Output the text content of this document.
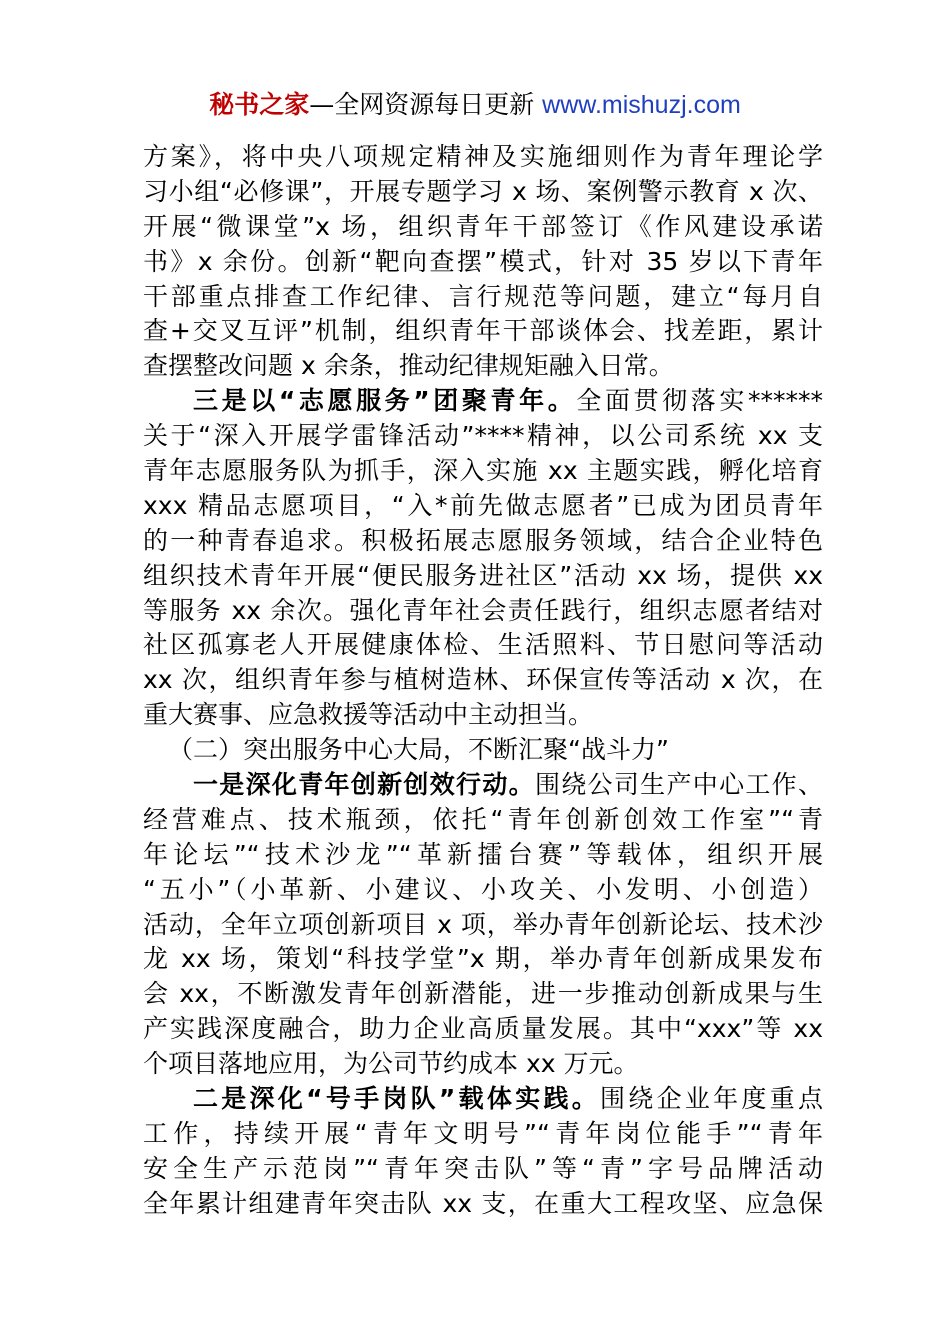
秘书之家—全网资源每日更新 www.mishuzj.com
方案》，将中央八项规定精神及实施细则作为青年理论学
习小组“必修课”，开展专题学习 x 场、案例警示教育 x 次、
开展“微课堂”x 场，组织青年干部签订《作风建设承诺
书》x 余份。创新“靶向查摆”模式，针对 35 岁以下青年
干部重点排查工作纪律、言行规范等问题，建立“每月自
查+交叉互评”机制，组织青年干部谈体会、找差距，累计
查摆整改问题 x 余条，推动纪律规矩融入日常。
三是以“志愿服务”团聚青年。全面贯彻落实******
关于“深入开展学雷锋活动”****精神，以公司系统 xx 支
青年志愿服务队为抓手，深入实施 xx 主题实践，孵化培育
xxx 精品志愿项目，“入*前先做志愿者”已成为团员青年
的一种青春追求。积极拓展志愿服务领域，结合企业特色
组织技术青年开展“便民服务进社区”活动 xx 场，提供 xx
等服务 xx 余次。强化青年社会责任践行，组织志愿者结对
社区孤寡老人开展健康体检、生活照料、节日慰问等活动
xx 次，组织青年参与植树造林、环保宣传等活动 x 次，在
重大赛事、应急救援等活动中主动担当。
（二）突出服务中心大局，不断汇聚“战斗力”
一是深化青年创新创效行动。围绕公司生产中心工作、
经营难点、技术瓶颈，依托“青年创新创效工作室”“青
年论坛”“技术沙龙”“革新擂台赛”等载体，组织开展
“五小”（小革新、小建议、小攻关、小发明、小创造）
活动，全年立项创新项目 x 项，举办青年创新论坛、技术沙
龙 xx 场，策划“科技学堂”x 期，举办青年创新成果发布
会 xx，不断激发青年创新潜能，进一步推动创新成果与生
产实践深度融合，助力企业高质量发展。其中“xxx”等 xx
个项目落地应用，为公司节约成本 xx 万元。
二是深化“号手岗队”载体实践。围绕企业年度重点
工作，持续开展“青年文明号”“青年岗位能手”“青年
安全生产示范岗”“青年突击队”等“青”字号品牌活动
全年累计组建青年突击队 xx 支，在重大工程攻坚、应急保
